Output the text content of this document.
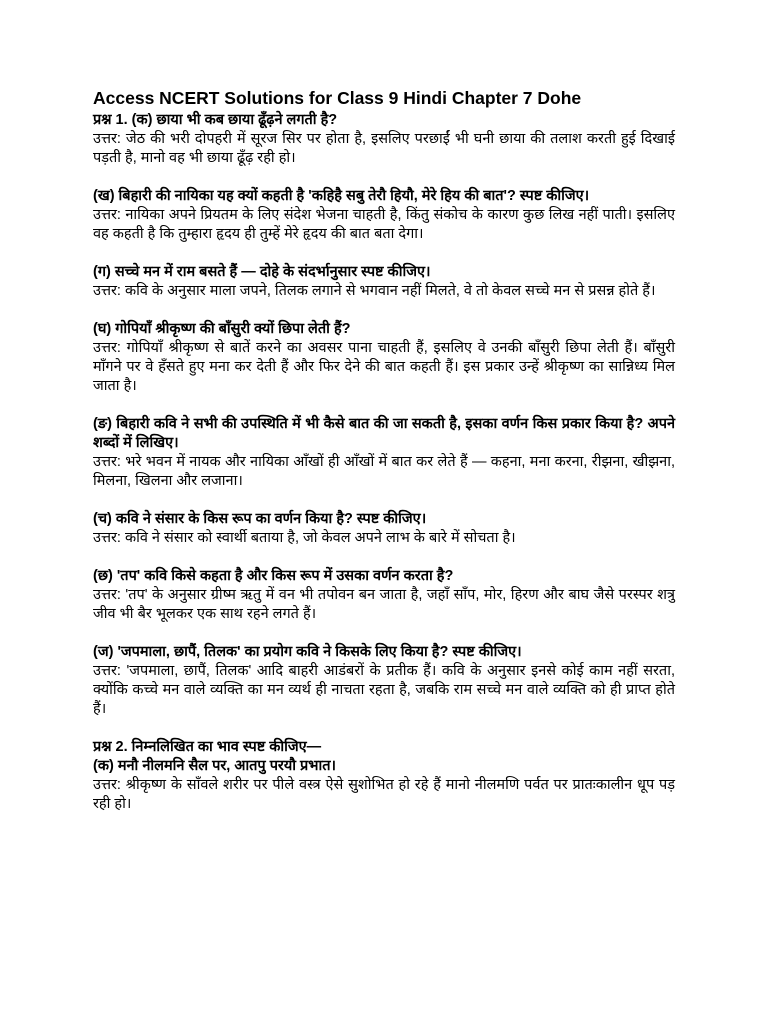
Access NCERT Solutions for Class 9 Hindi Chapter 7 Dohe

प्रश्न 1. (क) छाया भी कब छाया ढूँढ़ने लगती है?

उत्तर: जेठ की भरी दोपहरी में सूरज सिर पर होता है, इसलिए परछाईं भी घनी छाया की तलाश करती हुई दिखाई पड़ती है, मानो वह भी छाया ढूँढ़ रही हो।

(ख) बिहारी की नायिका यह क्यों कहती है 'कहिहै सबु तेरौ हियौ, मेरे हिय की बात'? स्पष्ट कीजिए।

उत्तर: नायिका अपने प्रियतम के लिए संदेश भेजना चाहती है, किंतु संकोच के कारण कुछ लिख नहीं पाती। इसलिए वह कहती है कि तुम्हारा हृदय ही तुम्हें मेरे हृदय की बात बता देगा।

(ग) सच्चे मन में राम बसते हैं — दोहे के संदर्भानुसार स्पष्ट कीजिए।

उत्तर: कवि के अनुसार माला जपने, तिलक लगाने से भगवान नहीं मिलते, वे तो केवल सच्चे मन से प्रसन्न होते हैं।

(घ) गोपियाँ श्रीकृष्ण की बाँसुरी क्यों छिपा लेती हैं?

उत्तर: गोपियाँ श्रीकृष्ण से बातें करने का अवसर पाना चाहती हैं, इसलिए वे उनकी बाँसुरी छिपा लेती हैं। बाँसुरी माँगने पर वे हँसते हुए मना कर देती हैं और फिर देने की बात कहती हैं। इस प्रकार उन्हें श्रीकृष्ण का सान्निध्य मिल जाता है।

(ङ) बिहारी कवि ने सभी की उपस्थिति में भी कैसे बात की जा सकती है, इसका वर्णन किस प्रकार किया है? अपने शब्दों में लिखिए।

उत्तर: भरे भवन में नायक और नायिका आँखों ही आँखों में बात कर लेते हैं — कहना, मना करना, रीझना, खीझना, मिलना, खिलना और लजाना।

(च) कवि ने संसार के किस रूप का वर्णन किया है? स्पष्ट कीजिए।

उत्तर: कवि ने संसार को स्वार्थी बताया है, जो केवल अपने लाभ के बारे में सोचता है।

(छ) 'तप' कवि किसे कहता है और किस रूप में उसका वर्णन करता है?

उत्तर: 'तप' के अनुसार ग्रीष्म ऋतु में वन भी तपोवन बन जाता है, जहाँ साँप, मोर, हिरण और बाघ जैसे परस्पर शत्रु जीव भी बैर भूलकर एक साथ रहने लगते हैं।

(ज) 'जपमाला, छापैं, तिलक' का प्रयोग कवि ने किसके लिए किया है? स्पष्ट कीजिए।

उत्तर: 'जपमाला, छापैं, तिलक' आदि बाहरी आडंबरों के प्रतीक हैं। कवि के अनुसार इनसे कोई काम नहीं सरता, क्योंकि कच्चे मन वाले व्यक्ति का मन व्यर्थ ही नाचता रहता है, जबकि राम सच्चे मन वाले व्यक्ति को ही प्राप्त होते हैं।

प्रश्न 2. निम्नलिखित का भाव स्पष्ट कीजिए—

(क) मनौ नीलमनि सैल पर, आतपु परयौ प्रभात।

उत्तर: श्रीकृष्ण के साँवले शरीर पर पीले वस्त्र ऐसे सुशोभित हो रहे हैं मानो नीलमणि पर्वत पर प्रातःकालीन धूप पड़ रही हो।
